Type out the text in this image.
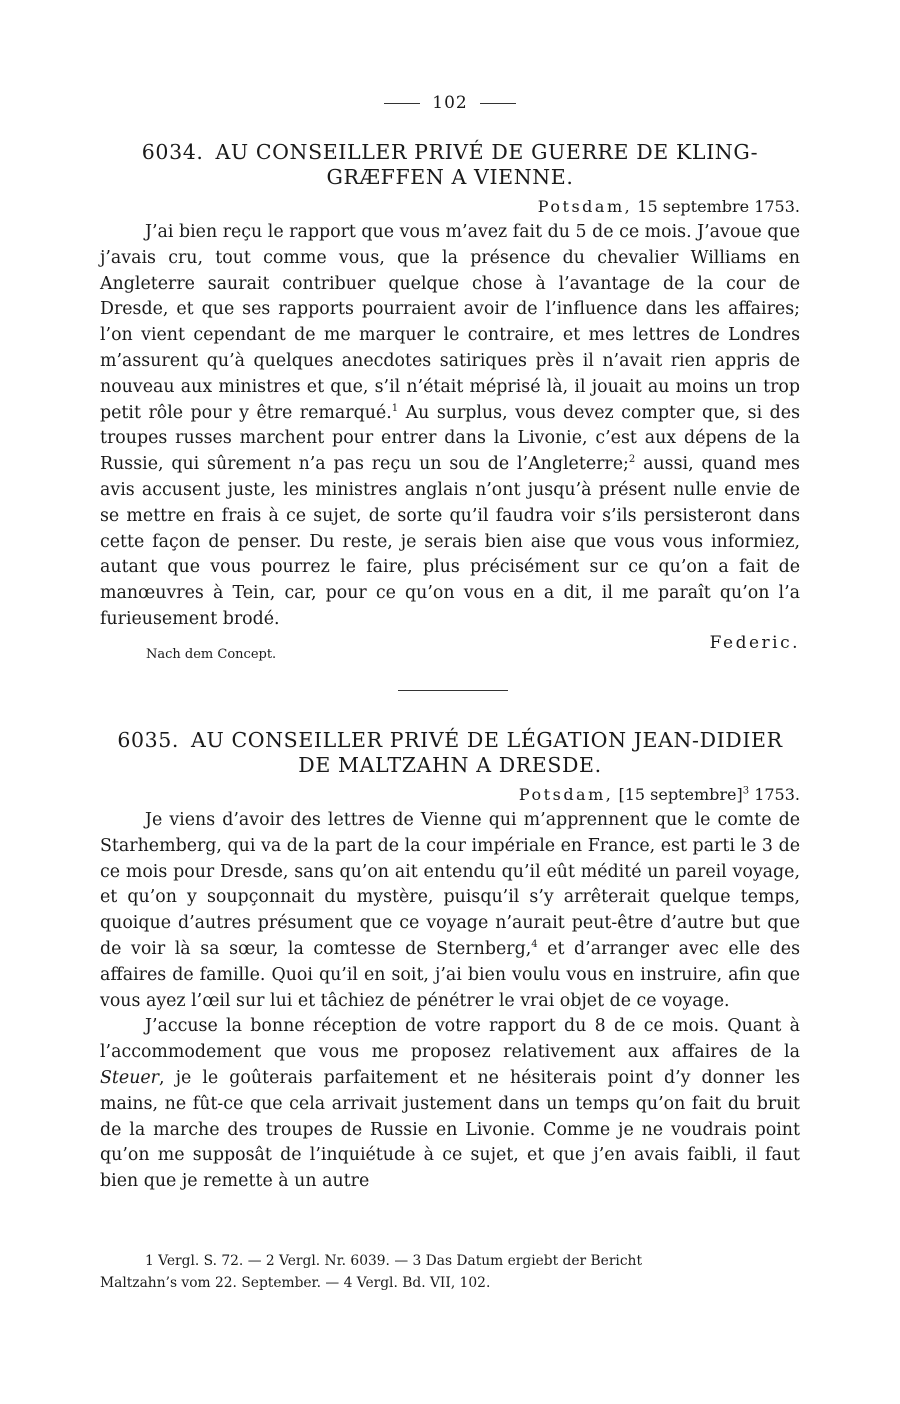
102
6034. AU CONSEILLER PRIVÉ DE GUERRE DE KLING-
GRÆFFEN A VIENNE.
Potsdam, 15 septembre 1753.
J’ai bien reçu le rapport que vous m’avez fait du 5 de ce mois. J’avoue que j’avais cru, tout comme vous, que la présence du chevalier Williams en Angleterre saurait contribuer quelque chose à l’avantage de la cour de Dresde, et que ses rapports pourraient avoir de l’influence dans les affaires; l’on vient cependant de me marquer le contraire, et mes lettres de Londres m’assurent qu’à quelques anecdotes satiriques près il n’avait rien appris de nouveau aux ministres et que, s’il n’était méprisé là, il jouait au moins un trop petit rôle pour y être remarqué.$^1$ Au surplus, vous devez compter que, si des troupes russes marchent pour entrer dans la Livonie, c’est aux dépens de la Russie, qui sûrement n’a pas reçu un sou de l’Angleterre;$^2$ aussi, quand mes avis accusent juste, les ministres anglais n’ont jusqu’à présent nulle envie de se mettre en frais à ce sujet, de sorte qu’il faudra voir s’ils persisteront dans cette façon de penser. Du reste, je serais bien aise que vous vous informiez, autant que vous pourrez le faire, plus précisément sur ce qu’on a fait de manœuvres à Tein, car, pour ce qu’on vous en a dit, il me paraît qu’on l’a furieusement brodé.
Federic.
Nach dem Concept.
6035. AU CONSEILLER PRIVÉ DE LÉGATION JEAN-DIDIER
DE MALTZAHN A DRESDE.
Potsdam, [15 septembre]$^3$ 1753.

Je viens d’avoir des lettres de Vienne qui m’apprennent que le comte de Starhemberg, qui va de la part de la cour impériale en France, est parti le 3 de ce mois pour Dresde, sans qu’on ait entendu qu’il eût médité un pareil voyage, et qu’on y soupçonnait du mystère, puisqu’il s’y arrêterait quelque temps, quoique d’autres présument que ce voyage n’aurait peut-être d’autre but que de voir là sa sœur, la comtesse de Sternberg,$^4$ et d’arranger avec elle des affaires de famille. Quoi qu’il en soit, j’ai bien voulu vous en instruire, afin que vous ayez l’œil sur lui et tâchiez de pénétrer le vrai objet de ce voyage.

J’accuse la bonne réception de votre rapport du 8 de ce mois. Quant à l’accommodement que vous me proposez relativement aux affaires de la Steuer, je le goûterais parfaitement et ne hésiterais point d’y donner les mains, ne fût-ce que cela arrivait justement dans un temps qu’on fait du bruit de la marche des troupes de Russie en Livonie. Comme je ne voudrais point qu’on me supposât de l’inquiétude à ce sujet, et que j’en avais faibli, il faut bien que je remette à un autre

1 Vergl. S. 72. — 2 Vergl. Nr. 6039. — 3 Das Datum ergiebt der Bericht
Maltzahn’s vom 22. September. — 4 Vergl. Bd. VII, 102.
